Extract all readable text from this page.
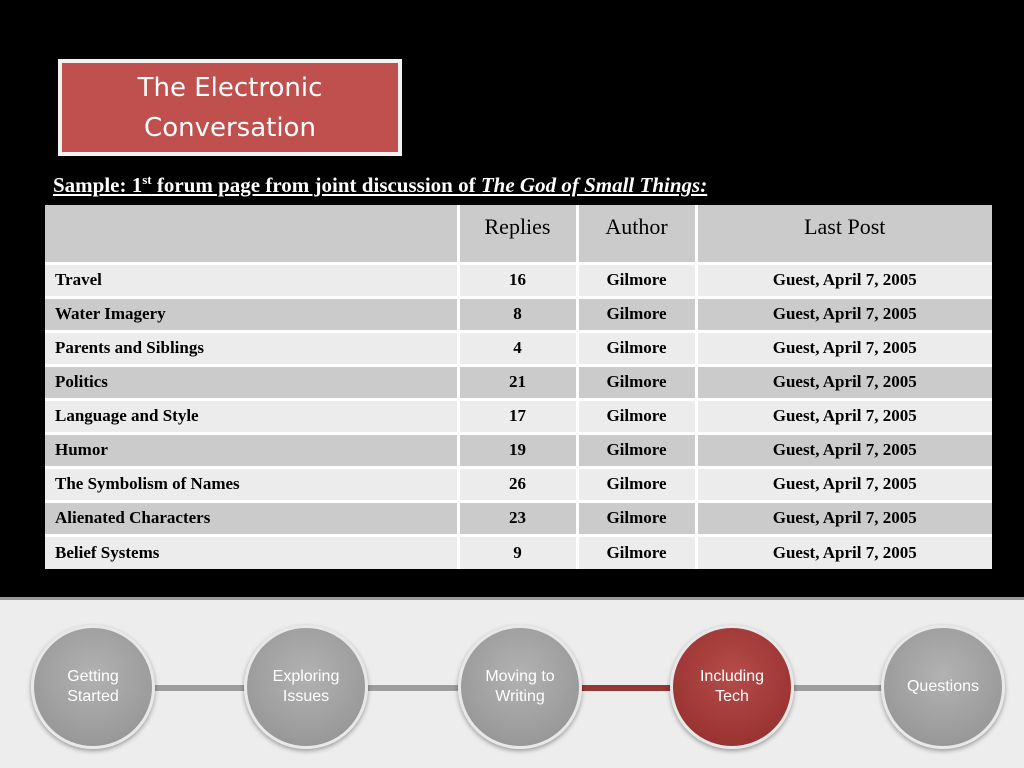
The Electronic Conversation
Sample: 1st forum page from joint discussion of The God of Small Things:
	Replies	Author	Last Post
Travel	16	Gilmore	Guest, April 7, 2005
Water Imagery	8	Gilmore	Guest, April 7, 2005
Parents and Siblings	4	Gilmore	Guest, April 7, 2005
Politics	21	Gilmore	Guest, April 7, 2005
Language and Style	17	Gilmore	Guest, April 7, 2005
Humor	19	Gilmore	Guest, April 7, 2005
The Symbolism of Names	26	Gilmore	Guest, April 7, 2005
Alienated Characters	23	Gilmore	Guest, April 7, 2005
Belief Systems	9	Gilmore	Guest, April 7, 2005
Getting Started
Exploring Issues
Moving to Writing
Including Tech
Questions
